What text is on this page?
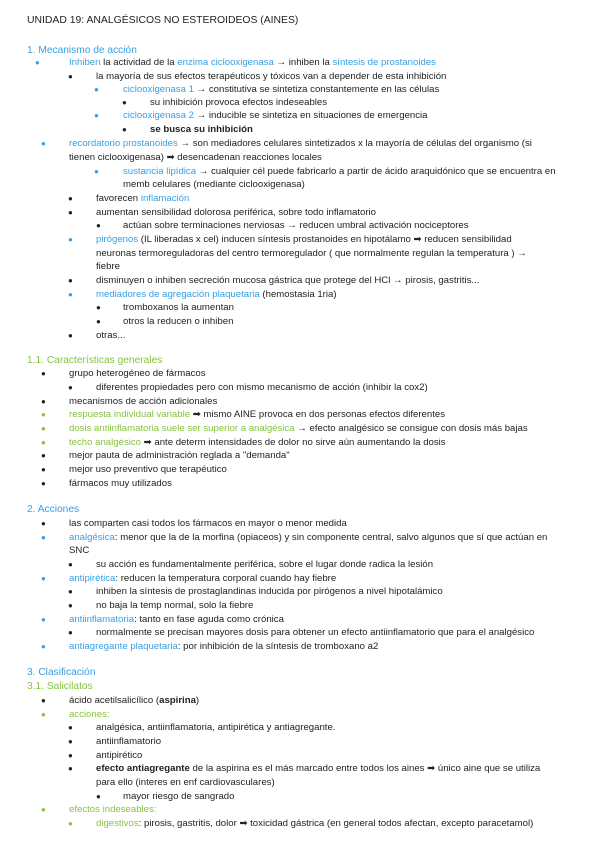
UNIDAD 19: ANALGÉSICOS NO ESTEROIDEOS (AINES)
1. Mecanismo de acción
●	Inhiben la actividad de la enzima ciclooxigenasa → inhiben la síntesis de prostanoides
● la mayoría de sus efectos terapéuticos y tóxicos van a depender de esta inhibición
●	ciclooxigenasa 1 → constitutiva se sintetiza constantemente en las células
● su inhibición provoca efectos indeseables
●	ciclooxigenasa 2 → inducible se sintetiza en situaciones de emergencia
● se busca su inhibición
● recordatorio prostanoides → son mediadores celulares sintetizados x la mayoría de células del organismo (si
tienen ciclooxigenasa) ➡ desencadenan reacciones locales
●	sustancia lipídica → cualquier cél puede fabricarlo a partir de ácido araquidónico que se encuentra en
memb celulares (mediante ciclooxigenasa)
● favorecen inflamación
● aumentan sensibilidad dolorosa periférica, sobre todo inflamatorio
● actúan sobre terminaciones nerviosas → reducen umbral activación nociceptores
● pirógenos (IL liberadas x cel) inducen síntesis prostanoides en hipotálamo ➡ reducen sensibilidad
neuronas termoreguladoras del centro termoregulador ( que normalmente regulan la temperatura ) →
fiebre
● disminuyen o inhiben secreción mucosa gástrica que protege del HCl → pirosis, gastritis...
● mediadores de agregación plaquetaria (hemostasia 1ria)
● tromboxanos la aumentan
● otros la reducen o inhiben
● otras...
1.1. Características generales
● grupo heterogéneo de fármacos
● diferentes propiedades pero con mismo mecanismo de acción (inhibir la cox2)
● mecanismos de acción adicionales
● respuesta individual variable ➡ mismo AINE provoca en dos personas efectos diferentes
● dosis antiinflamatoria suele ser superior a analgésica → efecto analgésico se consigue con dosis más bajas
● techo analgésico ➡ ante determ intensidades de dolor no sirve aún aumentando la dosis
● mejor pauta de administración reglada a "demanda"
● mejor uso preventivo que terapéutico
● fármacos muy utilizados
2. Acciones
● las comparten casi todos los fármacos en mayor o menor medida
● analgésica: menor que la de la morfina (opiaceos) y sin componente central, salvo algunos que sí que actúan en
SNC
● su acción es fundamentalmente periférica, sobre el lugar donde radica la lesión
● antipirética: reducen la temperatura corporal cuando hay fiebre
● inhiben la síntesis de prostaglandinas inducida por pirógenos a nivel hipotalámico
● no baja la temp normal, solo la fiebre
● antiinflamatoria: tanto en fase aguda como crónica
● normalmente se precisan mayores dosis para obtener un efecto antiinflamatorio que para el analgésico
● antiagregante plaquetaria: por inhibición de la síntesis de tromboxano a2
3. Clasificación
3.1. Salicilatos
● ácido acetilsalicílico (aspirina)
● acciones:
● analgésica, antiinflamatoria, antipirética y antiagregante.
● antiinflamatorio
● antipirético
● efecto antiagregante de la aspirina es el más marcado entre todos los aines ➡ único aine que se utiliza
para ello (interes en enf cardiovasculares)
● mayor riesgo de sangrado
● efectos indeseables:
● digestivos: pirosis, gastritis, dolor ➡ toxicidad gástrica (en general todos afectan, excepto paracetamol)
